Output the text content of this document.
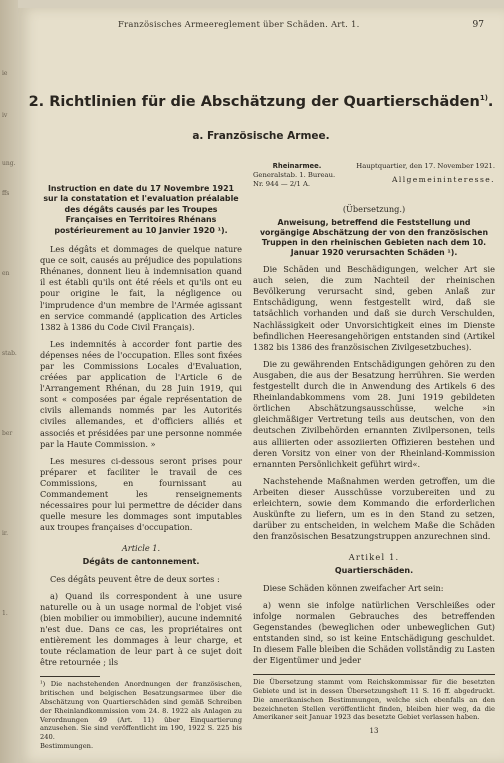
ie
iv
ung.
ffs
en
stab.
ber
ir.
1.
Französisches Armeereglement über Schäden. Art. 1.	97
2. Richtlinien für die Abschätzung der Quartierschäden$^{1)}$.
a. Französische Armee.
Instruction en date du 17 Novembre 1921 sur la constatation et l'evaluation préalable des dégâts causés par les Troupes Françaises en Territoires Rhénans postérieurement au 10 Janvier 1920 ¹).

Les dégâts et dommages de quelque nature que ce soit, causés au préjudice des populations Rhénanes, donnent lieu à indemnisation quand il est établi qu'ils ont été réels et qu'ils ont eu pour origine le fait, la négligence ou l'imprudence d'un membre de l'Armée agissant en service commandé (application des Articles 1382 à 1386 du Code Civil Français).

Les indemnités à accorder font partie des dépenses nées de l'occupation. Elles sont fixées par les Commissions Locales d'Evaluation, créées par application de l'Article 6 de l'Arrangement Rhénan, du 28 Juin 1919, qui sont « composées par égale représentation de civils allemands nommés par les Autorités civiles allemandes, et d'officiers alliés et associés et présidées par une personne nommée par la Haute Commission. »

Les mesures ci-dessous seront prises pour préparer et faciliter le travail de ces Commissions, en fournissant au Commandement les renseignements nécessaires pour lui permettre de décider dans quelle mesure les dommages sont imputables aux troupes françaises d'occupation.

Article 1.
Dégâts de cantonnement.

Ces dégâts peuvent être de deux sortes :

a) Quand ils correspondent à une usure naturelle ou à un usage normal de l'objet visé (bien mobilier ou immobilier), aucune indemnité n'est due. Dans ce cas, les propriétaires ont entièrement les dommages à leur charge, et toute réclamation de leur part à ce sujet doit être retournée ; ils

¹) Die nachstehenden Anordnungen der französischen, britischen und belgischen Besatzungsarmee über die Abschätzung von Quartierschäden sind gemäß Schreiben der Rheinlandkommission vom 24. 8. 1922 als Anlagen zu Verordnungen 49 (Art. 11) über Einquartierung anzusehen. Sie sind veröffentlicht im 190, 1922 S. 225 bis 240.
Bestimmungen.
Rheinarmee.
Generalstab. 1. Bureau.
Nr. 944 — 2/1 A.
Hauptquartier, den 17. November 1921.
Allgemeininteresse.
(Übersetzung.)
Anweisung, betreffend die Feststellung und vorgängige Abschätzung der von den französischen Truppen in den rheinischen Gebieten nach dem 10. Januar 1920 verursachten Schäden ¹).

Die Schäden und Beschädigungen, welcher Art sie auch seien, die zum Nachteil der rheinischen Bevölkerung verursacht sind, geben Anlaß zur Entschädigung, wenn festgestellt wird, daß sie tatsächlich vorhanden und daß sie durch Verschulden, Nachlässigkeit oder Unvorsichtigkeit eines im Dienste befindlichen Heeresangehörigen entstanden sind (Artikel 1382 bis 1386 des französischen Zivilgesetzbuches).

Die zu gewährenden Entschädigungen gehören zu den Ausgaben, die aus der Besatzung herrühren. Sie werden festgestellt durch die in Anwendung des Artikels 6 des Rheinlandabkommens vom 28. Juni 1919 gebildeten örtlichen Abschätzungsausschüsse, welche »in gleichmäßiger Vertretung teils aus deutschen, von den deutschen Zivilbehörden ernannten Zivilpersonen, teils aus alliierten oder assoziierten Offizieren bestehen und deren Vorsitz von einer von der Rheinland-Kommission ernannten Persönlichkeit geführt wird«.

Nachstehende Maßnahmen werden getroffen, um die Arbeiten dieser Ausschüsse vorzubereiten und zu erleichtern, sowie dem Kommando die erforderlichen Auskünfte zu liefern, um es in den Stand zu setzen, darüber zu entscheiden, in welchem Maße die Schäden den französischen Besatzungstruppen anzurechnen sind.

Artikel 1.
Quartierschäden.

Diese Schäden können zweifacher Art sein:

a) wenn sie infolge natürlichen Verschleißes oder infolge normalen Gebrauches des betreffenden Gegenstandes (beweglichen oder unbeweglichen Gut) entstanden sind, so ist keine Entschädigung geschuldet. In diesem Falle bleiben die Schäden vollständig zu Lasten der Eigentümer und jeder

Die Übersetzung stammt vom Reichskommissar für die besetzten Gebiete und ist in dessen Übersetzungsheft 11 S. 16 ff. abgedruckt. Die amerikanischen Bestimmungen, welche sich ebenfalls an den bezeichneten Stellen veröffentlicht finden, bleiben hier weg, da die Amerikaner seit Januar 1923 das besetzte Gebiet verlassen haben.
13
